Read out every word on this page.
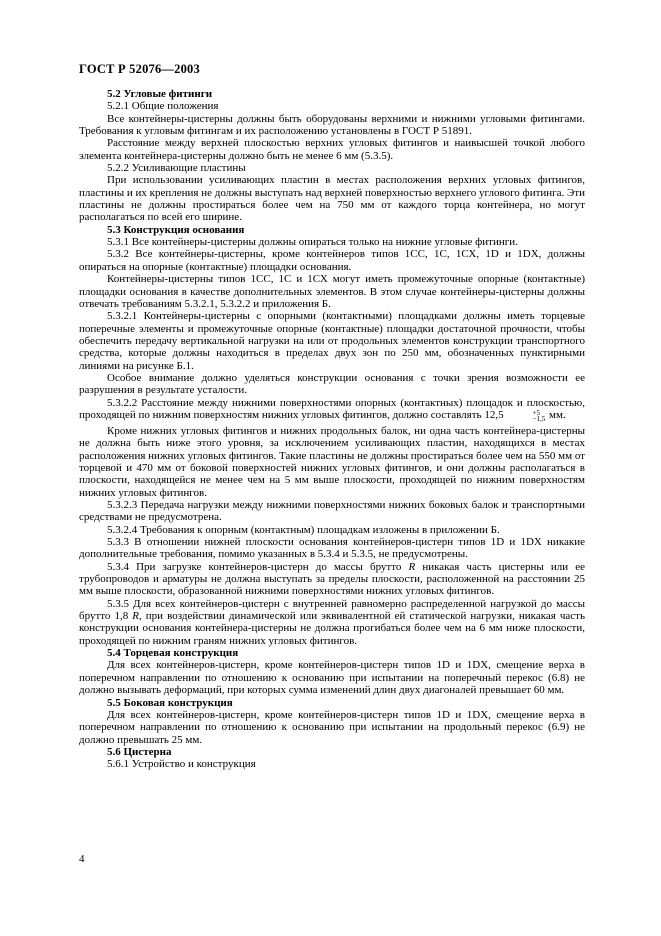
ГОСТ Р 52076—2003

5.2 Угловые фитинги

5.2.1 Общие положения

Все контейнеры-цистерны должны быть оборудованы верхними и нижними угловыми фитингами. Требования к угловым фитингам и их расположению установлены в ГОСТ Р 51891.

Расстояние между верхней плоскостью верхних угловых фитингов и наивысшей точкой любого элемента контейнера-цистерны должно быть не менее 6 мм (5.3.5).

5.2.2 Усиливающие пластины

При использовании усиливающих пластин в местах расположения верхних угловых фитингов, пластины и их крепления не должны выступать над верхней поверхностью верхнего углового фитинга. Эти пластины не должны простираться более чем на 750 мм от каждого торца контейнера, но могут располагаться по всей его ширине.

5.3 Конструкция основания

5.3.1 Все контейнеры-цистерны должны опираться только на нижние угловые фитинги.

5.3.2 Все контейнеры-цистерны, кроме контейнеров типов 1СС, 1С, 1СХ, 1D и 1DХ, должны опираться на опорные (контактные) площадки основания.

Контейнеры-цистерны типов 1СС, 1С и 1СХ могут иметь промежуточные опорные (контактные) площадки основания в качестве дополнительных элементов. В этом случае контейнеры-цистерны должны отвечать требованиям 5.3.2.1, 5.3.2.2 и приложения Б.

5.3.2.1 Контейнеры-цистерны с опорными (контактными) площадками должны иметь торцевые поперечные элементы и промежуточные опорные (контактные) площадки достаточной прочности, чтобы обеспечить передачу вертикальной нагрузки на или от продольных элементов конструкции транспортного средства, которые должны находиться в пределах двух зон по 250 мм, обозначенных пунктирными линиями на рисунке Б.1.

Особое внимание должно уделяться конструкции основания с точки зрения возможности ее разрушения в результате усталости.

5.3.2.2 Расстояние между нижними поверхностями опорных (контактных) площадок и плоскостью, проходящей по нижним поверхностям нижних угловых фитингов, должно составлять 12,5	+5
−1,5 мм.

Кроме нижних угловых фитингов и нижних продольных балок, ни одна часть контейнера-цистерны не должна быть ниже этого уровня, за исключением усиливающих пластин, находящихся в местах расположения нижних угловых фитингов. Такие пластины не должны простираться более чем на 550 мм от торцевой и 470 мм от боковой поверхностей нижних угловых фитингов, и они должны располагаться в плоскости, находящейся не менее чем на 5 мм выше плоскости, проходящей по нижним поверхностям нижних угловых фитингов.

5.3.2.3 Передача нагрузки между нижними поверхностями нижних боковых балок и транспортными средствами не предусмотрена.

5.3.2.4 Требования к опорным (контактным) площадкам изложены в приложении Б.

5.3.3 В отношении нижней плоскости основания контейнеров-цистерн типов 1D и 1DХ никакие дополнительные требования, помимо указанных в 5.3.4 и 5.3.5, не предусмотрены.

5.3.4 При загрузке контейнеров-цистерн до массы брутто R никакая часть цистерны или ее трубопроводов и арматуры не должна выступать за пределы плоскости, расположенной на расстоянии 25 мм выше плоскости, образованной нижними поверхностями нижних угловых фитингов.

5.3.5 Для всех контейнеров-цистерн с внутренней равномерно распределенной нагрузкой до массы брутто 1,8 R, при воздействии динамической или эквивалентной ей статической нагрузки, никакая часть конструкции основания контейнера-цистерны не должна прогибаться более чем на 6 мм ниже плоскости, проходящей по нижним граням нижних угловых фитингов.

5.4 Торцевая конструкция

Для всех контейнеров-цистерн, кроме контейнеров-цистерн типов 1D и 1DХ, смещение верха в поперечном направлении по отношению к основанию при испытании на поперечный перекос (6.8) не должно вызывать деформаций, при которых сумма изменений длин двух диагоналей превышает 60 мм.

5.5 Боковая конструкция

Для всех контейнеров-цистерн, кроме контейнеров-цистерн типов 1D и 1DХ, смещение верха в поперечном направлении по отношению к основанию при испытании на продольный перекос (6.9) не должно превышать 25 мм.

5.6 Цистерна

5.6.1 Устройство и конструкция

4
